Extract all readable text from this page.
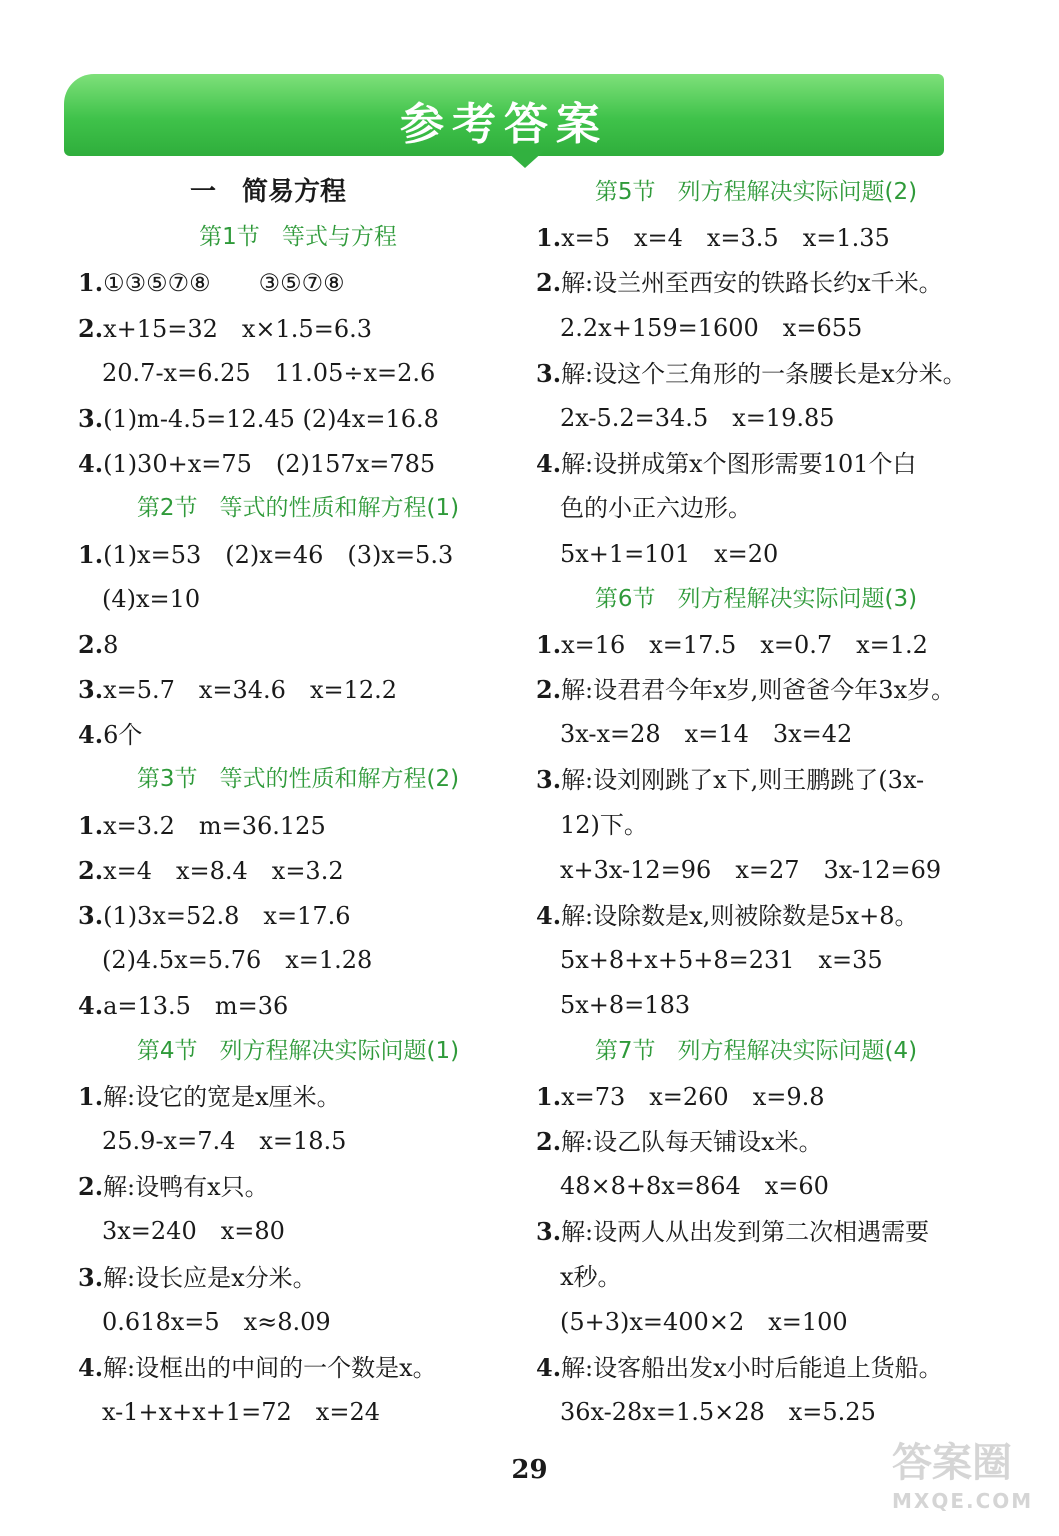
参考答案
一　简易方程
第1节 等式与方程
1.①③⑤⑦⑧　　③⑤⑦⑧
2.x+15=32　x×1.5=6.3
20.7-x=6.25　11.05÷x=2.6
3.(1)m-4.5=12.45 (2)4x=16.8
4.(1)30+x=75　(2)157x=785
第2节 等式的性质和解方程(1)
1.(1)x=53　(2)x=46　(3)x=5.3
(4)x=10
2.8
3.x=5.7　x=34.6　x=12.2
4.6个
第3节 等式的性质和解方程(2)
1.x=3.2　m=36.125
2.x=4　x=8.4　x=3.2
3.(1)3x=52.8　x=17.6
(2)4.5x=5.76　x=1.28
4.a=13.5　m=36
第4节 列方程解决实际问题(1)
1.解:设它的宽是x厘米。
25.9-x=7.4　x=18.5
2.解:设鸭有x只。
3x=240　x=80
3.解:设长应是x分米。
0.618x=5　x≈8.09
4.解:设框出的中间的一个数是x。
x-1+x+x+1=72　x=24
第5节 列方程解决实际问题(2)
1.x=5　x=4　x=3.5　x=1.35
2.解:设兰州至西安的铁路长约x千米。
2.2x+159=1600　x=655
3.解:设这个三角形的一条腰长是x分米。
2x-5.2=34.5　x=19.85
4.解:设拼成第x个图形需要101个白
色的小正六边形。
5x+1=101　x=20
第6节 列方程解决实际问题(3)
1.x=16　x=17.5　x=0.7　x=1.2
2.解:设君君今年x岁,则爸爸今年3x岁。
3x-x=28　x=14　3x=42
3.解:设刘刚跳了x下,则王鹏跳了(3x-
12)下。
x+3x-12=96　x=27　3x-12=69
4.解:设除数是x,则被除数是5x+8。
5x+8+x+5+8=231　x=35
5x+8=183
第7节 列方程解决实际问题(4)
1.x=73　x=260　x=9.8
2.解:设乙队每天铺设x米。
48×8+8x=864　x=60
3.解:设两人从出发到第二次相遇需要
x秒。
(5+3)x=400×2　x=100
4.解:设客船出发x小时后能追上货船。
36x-28x=1.5×28　x=5.25
29	答案圈
MXQE.COM
